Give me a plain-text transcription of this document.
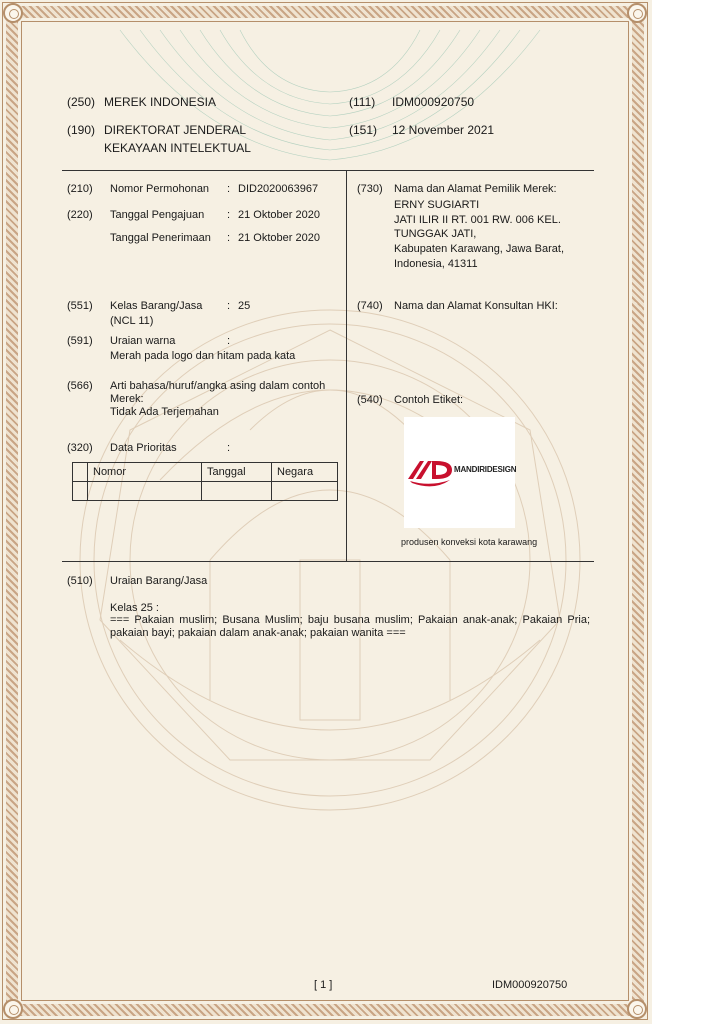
(250) MEREK INDONESIA	(111) IDM000920750
(190) DIREKTORAT JENDERAL
KEKAYAAN INTELEKTUAL
(151) 12 November 2021
(210) Nomor Permohonan : DID2020063967
(220) Tanggal Pengajuan : 21 Oktober 2020
Tanggal Penerimaan : 21 Oktober 2020
(551) Kelas Barang/Jasa : 25
(NCL 11)
(591) Uraian warna	:
Merah pada logo dan hitam pada kata
(566) Arti bahasa/huruf/angka asing dalam contoh
Merek:
Tidak Ada Terjemahan
(320) Data Prioritas	:
	Nomor	Tanggal	Negara

(730) Nama dan Alamat Pemilik Merek:
ERNY SUGIARTI
JATI ILIR II RT. 001 RW. 006 KEL.
TUNGGAK JATI,
Kabupaten Karawang, Jawa Barat,
Indonesia, 41311
(740) Nama dan Alamat Konsultan HKI:
(540) Contoh Etiket:
MANDIRIDESIGN
produsen konveksi kota karawang
(510) Uraian Barang/Jasa
Kelas 25 :
=== Pakaian muslim; Busana Muslim; baju busana muslim; Pakaian anak-anak; Pakaian Pria; pakaian bayi; pakaian dalam anak-anak; pakaian wanita ===
[ 1 ]	IDM000920750
